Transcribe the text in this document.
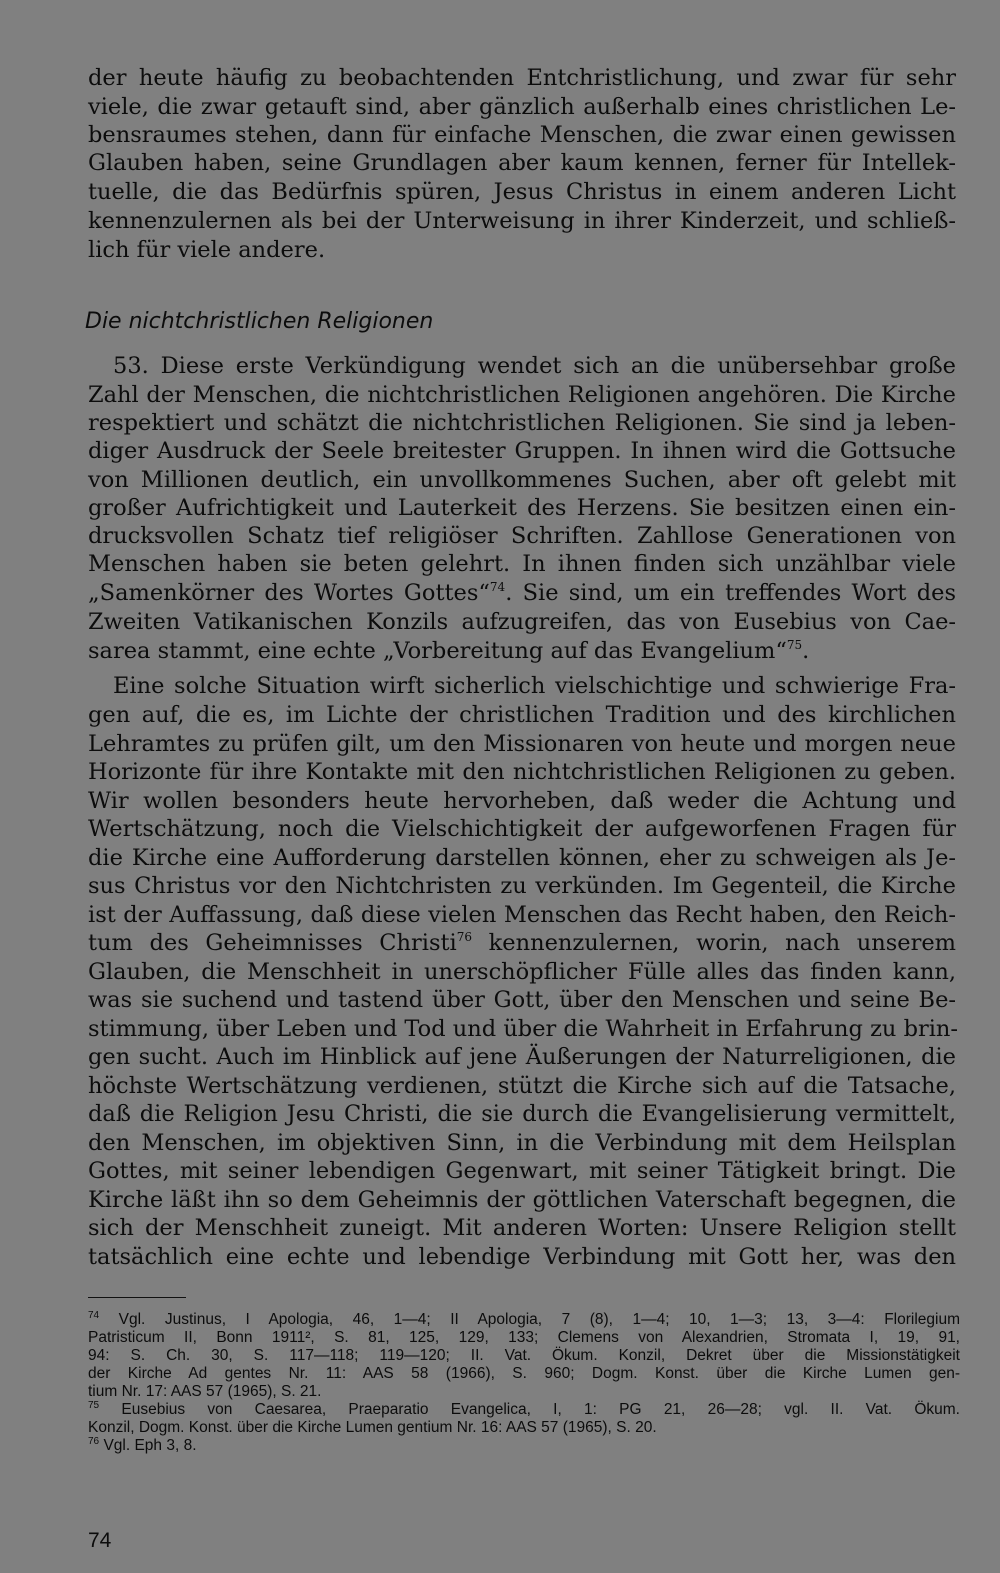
der heute häufig zu beobachtenden Entchristlichung, und zwar für sehr
viele, die zwar getauft sind, aber gänzlich außerhalb eines christlichen Le-
bensraumes stehen, dann für einfache Menschen, die zwar einen gewissen
Glauben haben, seine Grundlagen aber kaum kennen, ferner für Intellek-
tuelle, die das Bedürfnis spüren, Jesus Christus in einem anderen Licht
kennenzulernen als bei der Unterweisung in ihrer Kinderzeit, und schließ-
lich für viele andere.
Die nichtchristlichen Religionen
53. Diese erste Verkündigung wendet sich an die unübersehbar große
Zahl der Menschen, die nichtchristlichen Religionen angehören. Die Kirche
respektiert und schätzt die nichtchristlichen Religionen. Sie sind ja leben-
diger Ausdruck der Seele breitester Gruppen. In ihnen wird die Gottsuche
von Millionen deutlich, ein unvollkommenes Suchen, aber oft gelebt mit
großer Aufrichtigkeit und Lauterkeit des Herzens. Sie besitzen einen ein-
drucksvollen Schatz tief religiöser Schriften. Zahllose Generationen von
Menschen haben sie beten gelehrt. In ihnen finden sich unzählbar viele
„Samenkörner des Wortes Gottes“$^{74}$. Sie sind, um ein treffendes Wort des
Zweiten Vatikanischen Konzils aufzugreifen, das von Eusebius von Cae-
sarea stammt, eine echte „Vorbereitung auf das Evangelium“$^{75}$.
Eine solche Situation wirft sicherlich vielschichtige und schwierige Fra-
gen auf, die es, im Lichte der christlichen Tradition und des kirchlichen
Lehramtes zu prüfen gilt, um den Missionaren von heute und morgen neue
Horizonte für ihre Kontakte mit den nichtchristlichen Religionen zu geben.
Wir wollen besonders heute hervorheben, daß weder die Achtung und
Wertschätzung, noch die Vielschichtigkeit der aufgeworfenen Fragen für
die Kirche eine Aufforderung darstellen können, eher zu schweigen als Je-
sus Christus vor den Nichtchristen zu verkünden. Im Gegenteil, die Kirche
ist der Auffassung, daß diese vielen Menschen das Recht haben, den Reich-
tum des Geheimnisses Christi$^{76}$ kennenzulernen, worin, nach unserem
Glauben, die Menschheit in unerschöpflicher Fülle alles das finden kann,
was sie suchend und tastend über Gott, über den Menschen und seine Be-
stimmung, über Leben und Tod und über die Wahrheit in Erfahrung zu brin-
gen sucht. Auch im Hinblick auf jene Äußerungen der Naturreligionen, die
höchste Wertschätzung verdienen, stützt die Kirche sich auf die Tatsache,
daß die Religion Jesu Christi, die sie durch die Evangelisierung vermittelt,
den Menschen, im objektiven Sinn, in die Verbindung mit dem Heilsplan
Gottes, mit seiner lebendigen Gegenwart, mit seiner Tätigkeit bringt. Die
Kirche läßt ihn so dem Geheimnis der göttlichen Vaterschaft begegnen, die
sich der Menschheit zuneigt. Mit anderen Worten: Unsere Religion stellt
tatsächlich eine echte und lebendige Verbindung mit Gott her, was den
$^{74}$ Vgl. Justinus, I Apologia, 46, 1—4; II Apologia, 7 (8), 1—4; 10, 1—3; 13, 3—4: Florilegium
Patristicum II, Bonn 1911², S. 81, 125, 129, 133; Clemens von Alexandrien, Stromata I, 19, 91,
94: S. Ch. 30, S. 117—118; 119—120; II. Vat. Ökum. Konzil, Dekret über die Missionstätigkeit
der Kirche Ad gentes Nr. 11: AAS 58 (1966), S. 960; Dogm. Konst. über die Kirche Lumen gen-
tium Nr. 17: AAS 57 (1965), S. 21.
$^{75}$ Eusebius von Caesarea, Praeparatio Evangelica, I, 1: PG 21, 26—28; vgl. II. Vat. Ökum.
Konzil, Dogm. Konst. über die Kirche Lumen gentium Nr. 16: AAS 57 (1965), S. 20.
$^{76}$ Vgl. Eph 3, 8.
74
